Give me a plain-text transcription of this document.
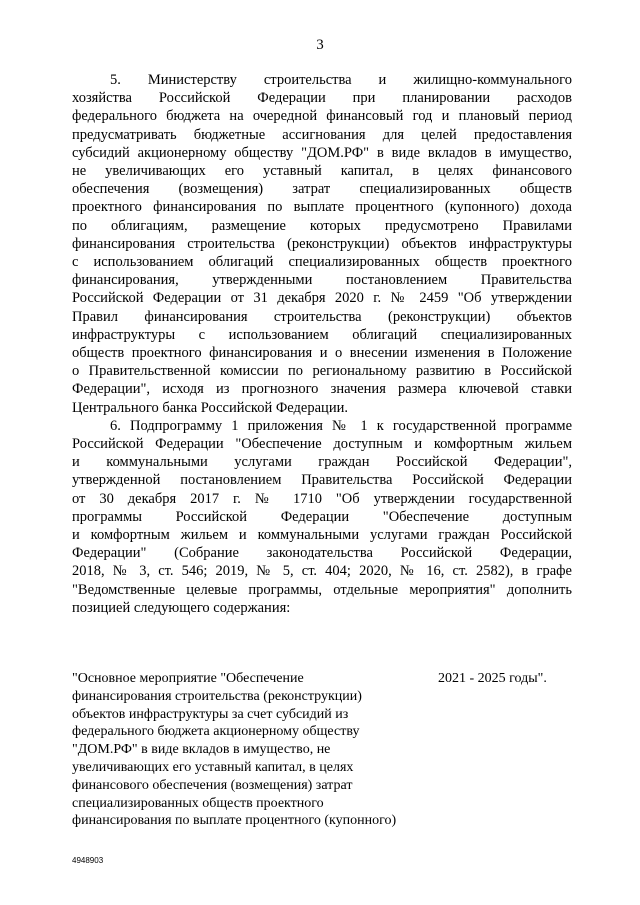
3

5. Министерству строительства и жилищно-коммунального
хозяйства Российской Федерации при планировании расходов
федерального бюджета на очередной финансовый год и плановый период
предусматривать бюджетные ассигнования для целей предоставления
субсидий акционерному обществу "ДОМ.РФ" в виде вкладов в имущество,
не увеличивающих его уставный капитал, в целях финансового
обеспечения (возмещения) затрат специализированных обществ
проектного финансирования по выплате процентного (купонного) дохода
по облигациям, размещение которых предусмотрено Правилами
финансирования строительства (реконструкции) объектов инфраструктуры
с использованием облигаций специализированных обществ проектного
финансирования, утвержденными постановлением Правительства
Российской Федерации от 31 декабря 2020 г. № 2459 "Об утверждении
Правил финансирования строительства (реконструкции) объектов
инфраструктуры с использованием облигаций специализированных
обществ проектного финансирования и о внесении изменения в Положение
о Правительственной комиссии по региональному развитию в Российской
Федерации", исходя из прогнозного значения размера ключевой ставки
Центрального банка Российской Федерации.

6. Подпрограмму 1 приложения № 1 к государственной программе
Российской Федерации "Обеспечение доступным и комфортным жильем
и коммунальными услугами граждан Российской Федерации",
утвержденной постановлением Правительства Российской Федерации
от 30 декабря 2017 г. № 1710 "Об утверждении государственной
программы Российской Федерации "Обеспечение доступным
и комфортным жильем и коммунальными услугами граждан Российской
Федерации" (Собрание законодательства Российской Федерации,
2018, № 3, ст. 546; 2019, № 5, ст. 404; 2020, № 16, ст. 2582), в графе
"Ведомственные целевые программы, отдельные мероприятия" дополнить
позицией следующего содержания:

"Основное мероприятие "Обеспечение
финансирования строительства (реконструкции)
объектов инфраструктуры за счет субсидий из
федерального бюджета акционерному обществу
"ДОМ.РФ" в виде вкладов в имущество, не
увеличивающих его уставный капитал, в целях
финансового обеспечения (возмещения) затрат
специализированных обществ проектного
финансирования по выплате процентного (купонного)

2021 - 2025 годы".
4948903
